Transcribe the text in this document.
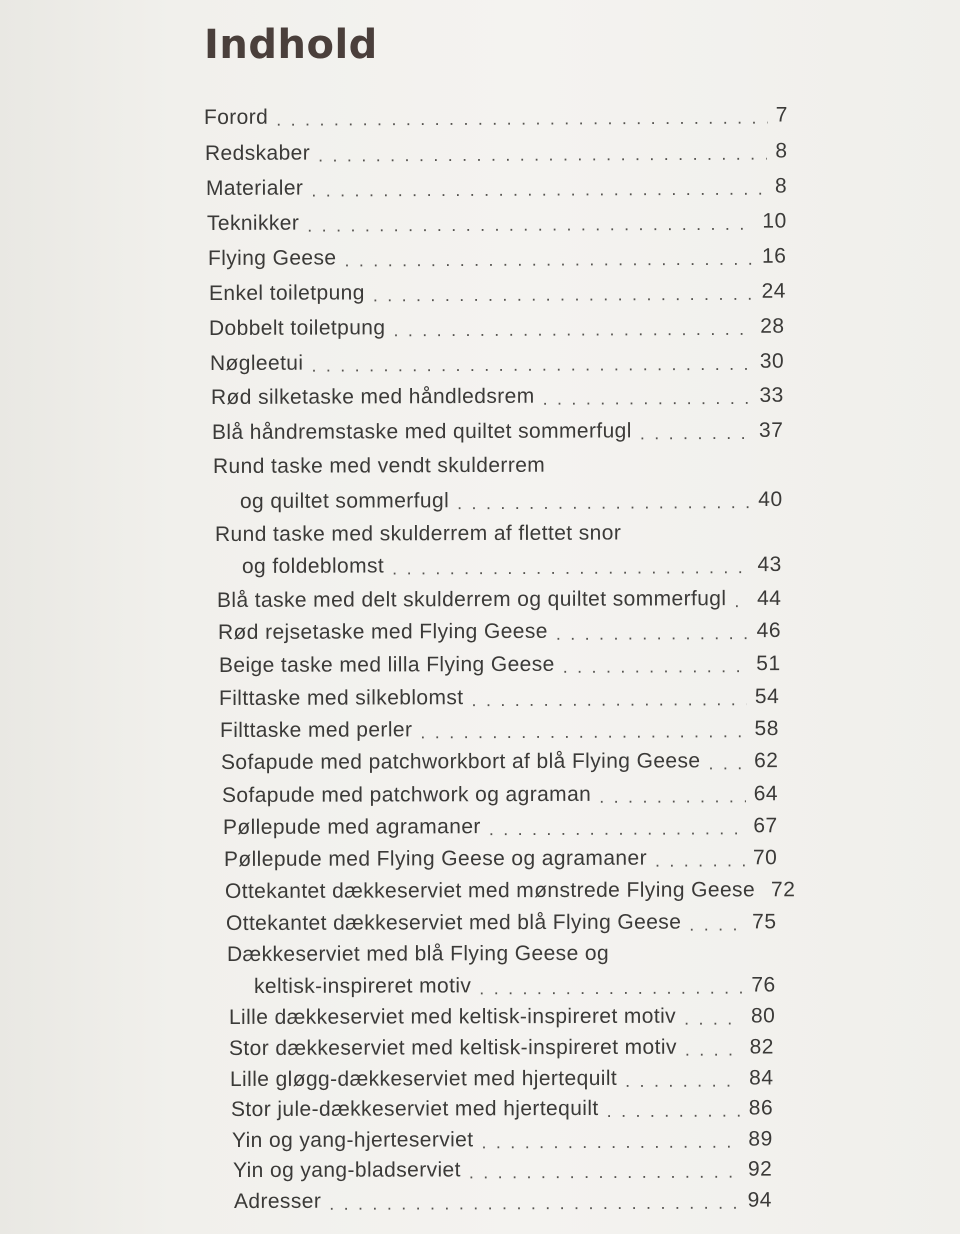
Indhold
Forord . . .	7
Redskaber . . .	8
Materialer . . .	8
Teknikker . . .	10
Flying Geese . . .	16
Enkel toiletpung . . .	24
Dobbelt toiletpung . . .	28
Nøgleetui . . .	30
Rød silketaske med håndledsrem . . .	33
Blå håndremstaske med quiltet sommerfugl . . .	37
Rund taske med vendt skulderrem
og quiltet sommerfugl . . .	40
Rund taske med skulderrem af flettet snor
og foldeblomst . . .	43
Blå taske med delt skulderrem og quiltet sommerfugl . . . 44
Rød rejsetaske med Flying Geese . . .	46
Beige taske med lilla Flying Geese . . .	51
Filttaske med silkeblomst . . .	54
Filttaske med perler . . .	58
Sofapude med patchworkbort af blå Flying Geese . . .	62
Sofapude med patchwork og agraman . . .	64
Pøllepude med agramaner . . .	67
Pøllepude med Flying Geese og agramaner . . .	70
Ottekantet dækkeserviet med mønstrede Flying Geese . . . 72
Ottekantet dækkeserviet med blå Flying Geese . . .	75
Dækkeserviet med blå Flying Geese og
keltisk-inspireret motiv . . .	76
Lille dækkeserviet med keltisk-inspireret motiv . . .	80
Stor dækkeserviet med keltisk-inspireret motiv . . .	82
Lille gløgg-dækkeserviet med hjertequilt . . .	84
Stor jule-dækkeserviet med hjertequilt . . .	86
Yin og yang-hjerteserviet . . .	89
Yin og yang-bladserviet . . .	92
Adresser . . .	94
